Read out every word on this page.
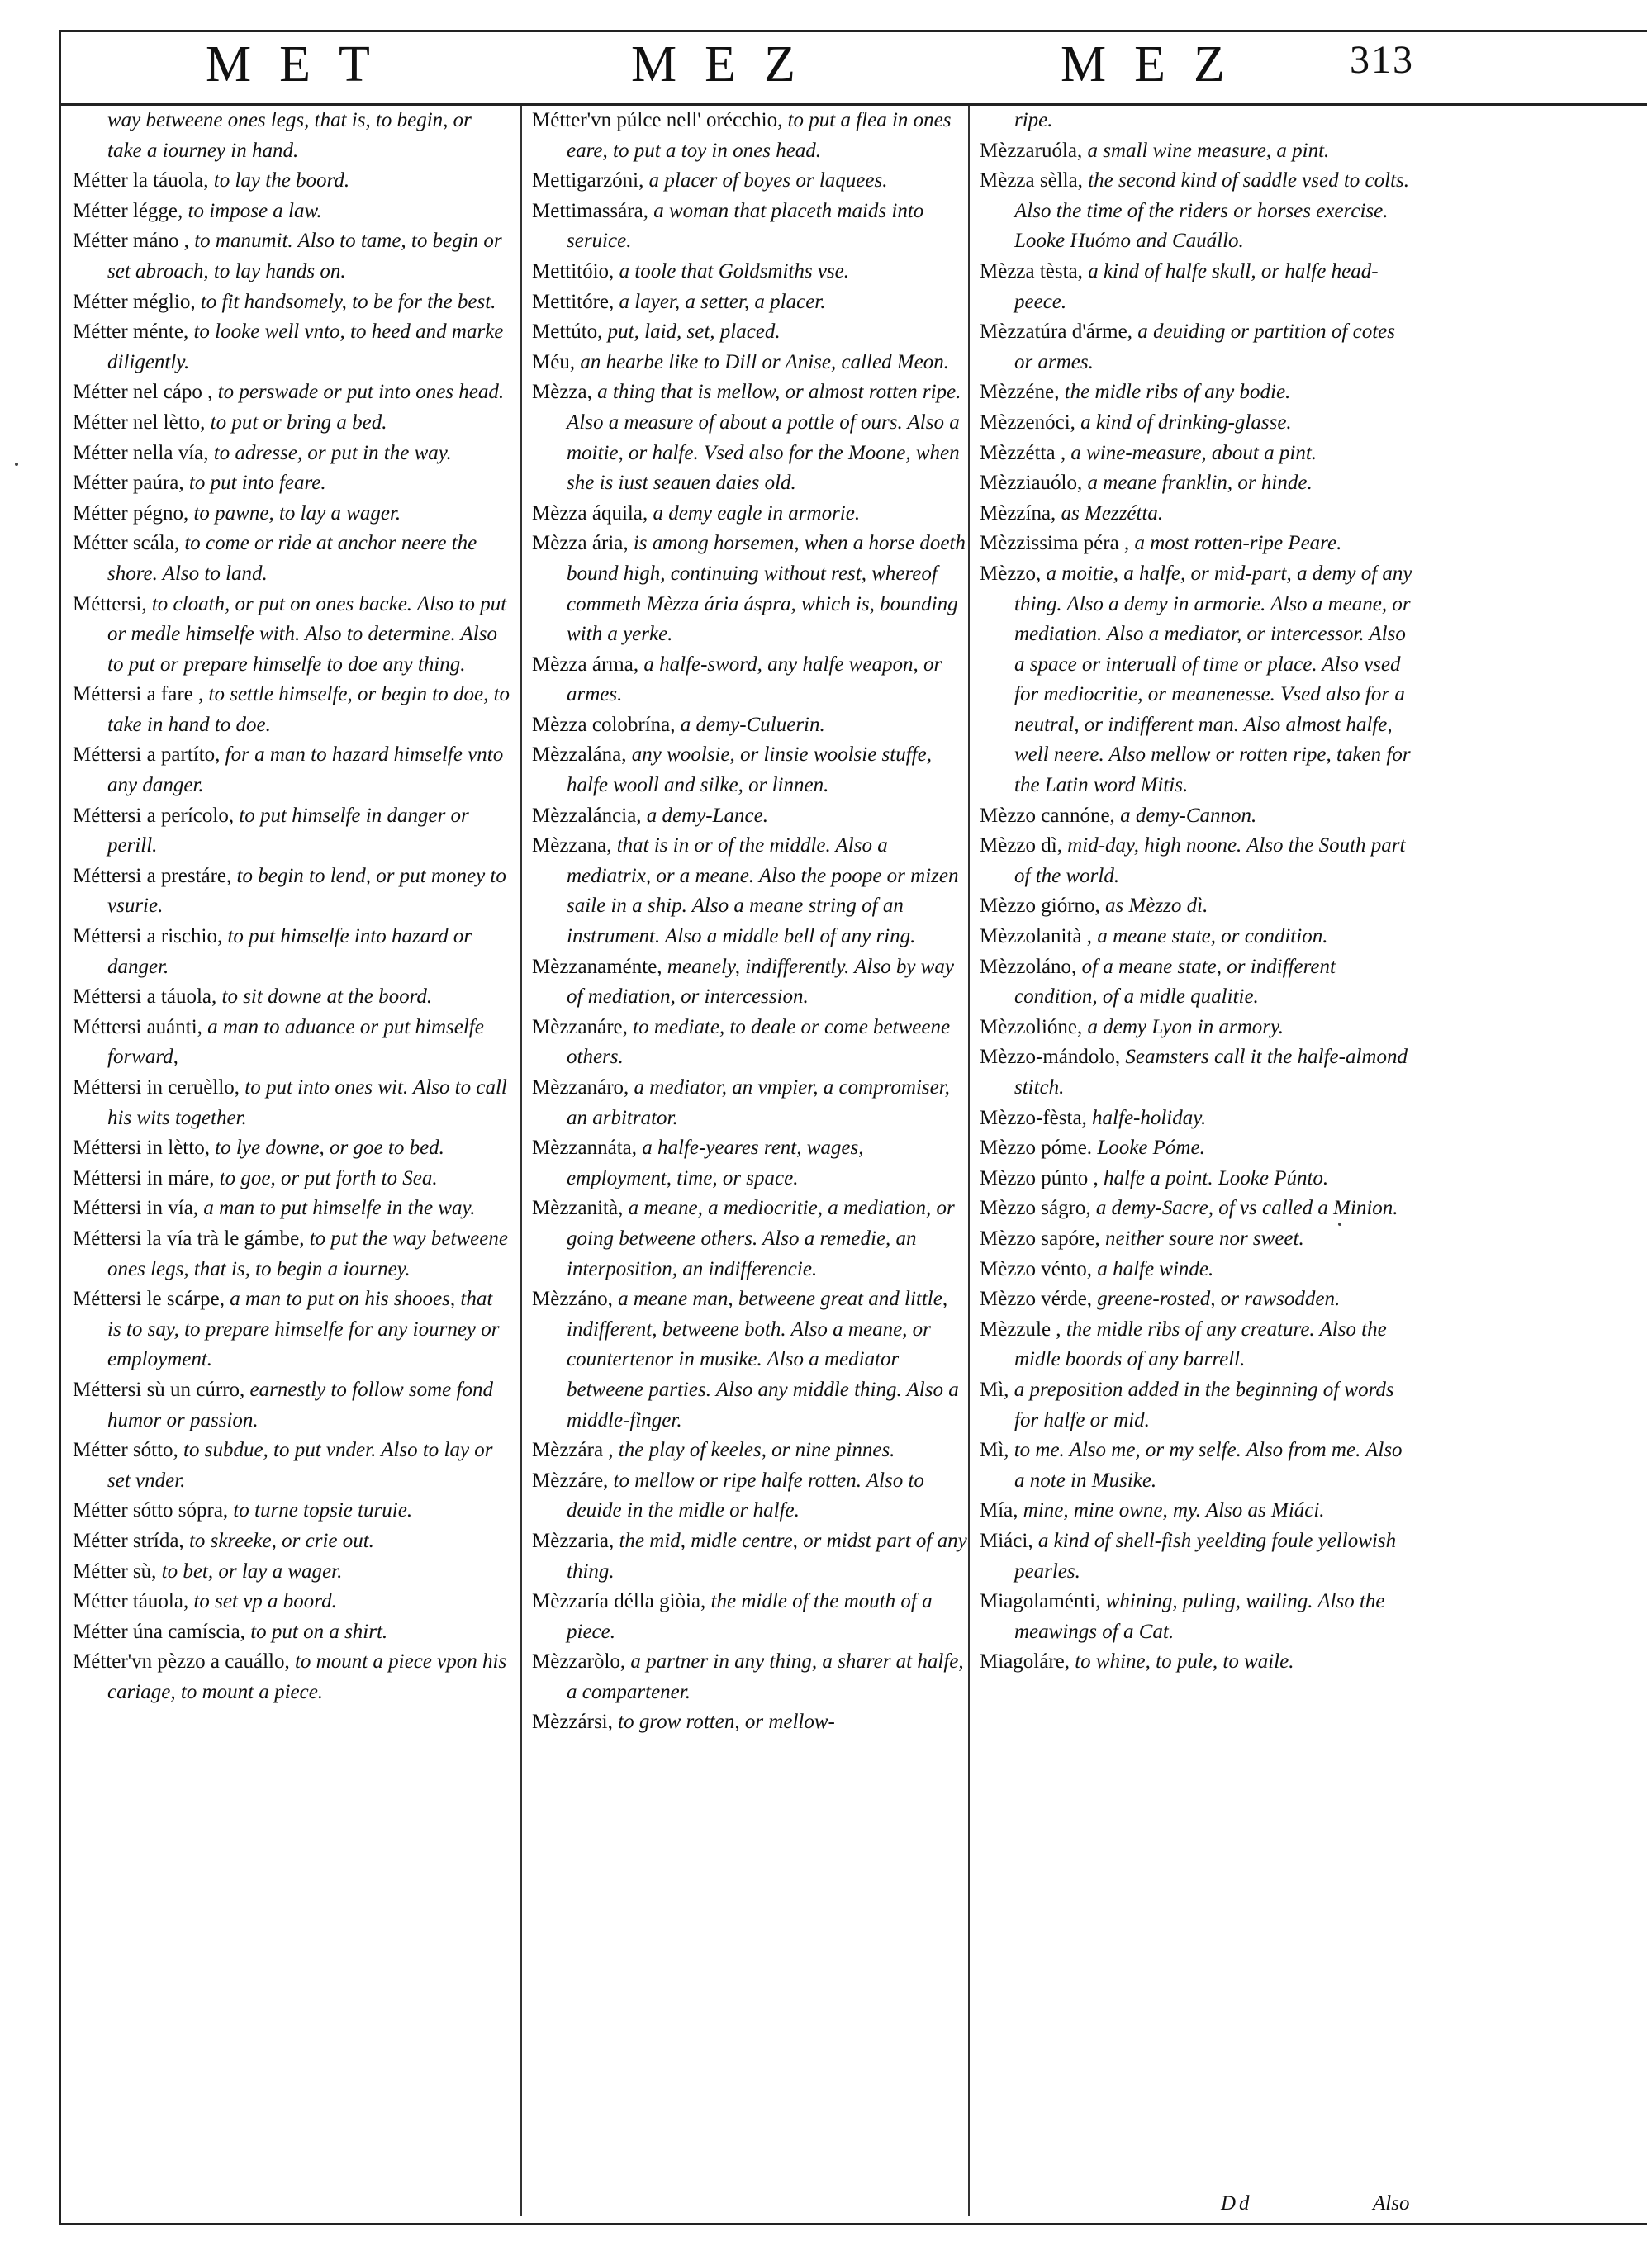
MET	MEZ	MEZ 313

way betweene ones legs, that is, to begin, or take a iourney in hand.

Métter la táuola, to lay the boord.

Métter légge, to impose a law.

Métter máno , to manumit. Also to tame, to begin or set abroach, to lay hands on.

Métter méglio, to fit handsomely, to be for the best.

Métter ménte, to looke well vnto, to heed and marke diligently.

Métter nel cápo , to perswade or put into ones head.

Métter nel lètto, to put or bring a bed.

Métter nella vía, to adresse, or put in the way.

Métter paúra, to put into feare.

Métter pégno, to pawne, to lay a wager.

Métter scála, to come or ride at anchor neere the shore. Also to land.

Méttersi, to cloath, or put on ones backe. Also to put or medle himselfe with. Also to determine. Also to put or prepare himselfe to doe any thing.

Méttersi a fare , to settle himselfe, or begin to doe, to take in hand to doe.

Méttersi a partíto, for a man to hazard himselfe vnto any danger.

Méttersi a perícolo, to put himselfe in danger or perill.

Méttersi a prestáre, to begin to lend, or put money to vsurie.

Méttersi a rischio, to put himselfe into hazard or danger.

Méttersi a táuola, to sit downe at the boord.

Méttersi auánti, a man to aduance or put himselfe forward,

Méttersi in ceruèllo, to put into ones wit. Also to call his wits together.

Méttersi in lètto, to lye downe, or goe to bed.

Méttersi in máre, to goe, or put forth to Sea.

Méttersi in vía, a man to put himselfe in the way.

Méttersi la vía trà le gámbe, to put the way betweene ones legs, that is, to begin a iourney.

Méttersi le scárpe, a man to put on his shooes, that is to say, to prepare himselfe for any iourney or employment.

Méttersi sù un cúrro, earnestly to follow some fond humor or passion.

Métter sótto, to subdue, to put vnder. Also to lay or set vnder.

Métter sótto sópra, to turne topsie turuie.

Métter strída, to skreeke, or crie out.

Métter sù, to bet, or lay a wager.

Métter táuola, to set vp a boord.

Métter úna camíscia, to put on a shirt.

Métter'vn pèzzo a cauállo, to mount a piece vpon his cariage, to mount a piece.

Métter'vn púlce nell' orécchio, to put a flea in ones eare, to put a toy in ones head.

Mettigarzóni, a placer of boyes or laquees.

Mettimassára, a woman that placeth maids into seruice.

Mettitóio, a toole that Goldsmiths vse.

Mettitóre, a layer, a setter, a placer.

Mettúto, put, laid, set, placed.

Méu, an hearbe like to Dill or Anise, called Meon.

Mèzza, a thing that is mellow, or almost rotten ripe. Also a measure of about a pottle of ours. Also a moitie, or halfe. Vsed also for the Moone, when she is iust seauen daies old.

Mèzza áquila, a demy eagle in armorie.

Mèzza ária, is among horsemen, when a horse doeth bound high, continuing without rest, whereof commeth Mèzza ária áspra, which is, bounding with a yerke.

Mèzza árma, a halfe-sword, any halfe weapon, or armes.

Mèzza colobrína, a demy-Culuerin.

Mèzzalána, any woolsie, or linsie woolsie stuffe, halfe wooll and silke, or linnen.

Mèzzaláncia, a demy-Lance.

Mèzzana, that is in or of the middle. Also a mediatrix, or a meane. Also the poope or mizen saile in a ship. Also a meane string of an instrument. Also a middle bell of any ring.

Mèzzanaménte, meanely, indifferently. Also by way of mediation, or intercession.

Mèzzanáre, to mediate, to deale or come betweene others.

Mèzzanáro, a mediator, an vmpier, a compromiser, an arbitrator.

Mèzzannáta, a halfe-yeares rent, wages, employment, time, or space.

Mèzzanità, a meane, a mediocritie, a mediation, or going betweene others. Also a remedie, an interposition, an indifferencie.

Mèzzáno, a meane man, betweene great and little, indifferent, betweene both. Also a meane, or countertenor in musike. Also a mediator betweene parties. Also any middle thing. Also a middle-finger.

Mèzzára , the play of keeles, or nine pinnes.

Mèzzáre, to mellow or ripe halfe rotten. Also to deuide in the midle or halfe.

Mèzzaria, the mid, midle centre, or midst part of any thing.

Mèzzaría délla giòia, the midle of the mouth of a piece.

Mèzzaròlo, a partner in any thing, a sharer at halfe, a compartener.

Mèzzársi, to grow rotten, or mellow-

ripe.

Mèzzaruóla, a small wine measure, a pint.

Mèzza sèlla, the second kind of saddle vsed to colts. Also the time of the riders or horses exercise. Looke Huómo and Cauállo.

Mèzza tèsta, a kind of halfe skull, or halfe head-peece.

Mèzzatúra d'árme, a deuiding or partition of cotes or armes.

Mèzzéne, the midle ribs of any bodie.

Mèzzenóci, a kind of drinking-glasse.

Mèzzétta , a wine-measure, about a pint.

Mèzziauólo, a meane franklin, or hinde.

Mèzzína, as Mezzétta.

Mèzzissima péra , a most rotten-ripe Peare.

Mèzzo, a moitie, a halfe, or mid-part, a demy of any thing. Also a demy in armorie. Also a meane, or mediation. Also a mediator, or intercessor. Also a space or interuall of time or place. Also vsed for mediocritie, or meanenesse. Vsed also for a neutral, or indifferent man. Also almost halfe, well neere. Also mellow or rotten ripe, taken for the Latin word Mitis.

Mèzzo cannóne, a demy-Cannon.

Mèzzo dì, mid-day, high noone. Also the South part of the world.

Mèzzo giórno, as Mèzzo dì.

Mèzzolanità , a meane state, or condition.

Mèzzoláno, of a meane state, or indifferent condition, of a midle qualitie.

Mèzzolióne, a demy Lyon in armory.

Mèzzo-mándolo, Seamsters call it the halfe-almond stitch.

Mèzzo-fèsta, halfe-holiday.

Mèzzo póme. Looke Póme.

Mèzzo púnto , halfe a point. Looke Púnto.

Mèzzo ságro, a demy-Sacre, of vs called a Minion.

Mèzzo sapóre, neither soure nor sweet.

Mèzzo vénto, a halfe winde.

Mèzzo vérde, greene-rosted, or rawsodden.

Mèzzule , the midle ribs of any creature. Also the midle boords of any barrell.

Mì, a preposition added in the beginning of words for halfe or mid.

Mì, to me. Also me, or my selfe. Also from me. Also a note in Musike.

Mía, mine, mine owne, my. Also as Miáci.

Miáci, a kind of shell-fish yeelding foule yellowish pearles.

Miagolaménti, whining, puling, wailing. Also the meawings of a Cat.

Miagoláre, to whine, to pule, to waile.

Dd	Also
